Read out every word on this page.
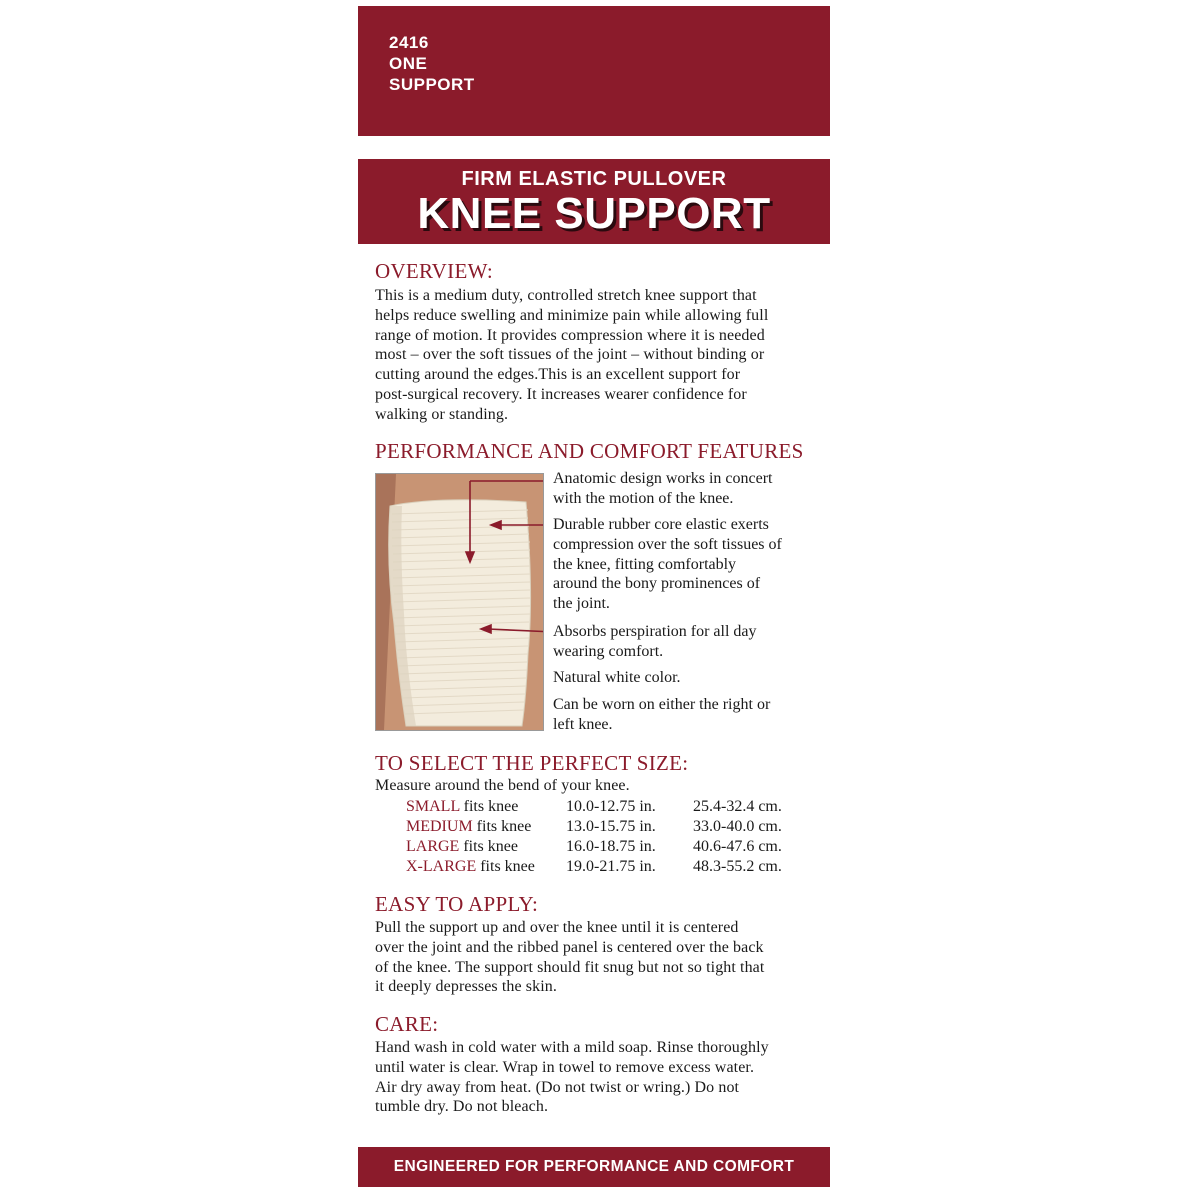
2416
ONE
SUPPORT
FIRM ELASTIC PULLOVER
KNEE SUPPORT
OVERVIEW:
This is a medium duty, controlled stretch knee support that
helps reduce swelling and minimize pain while allowing full
range of motion. It provides compression where it is needed
most – over the soft tissues of the joint – without binding or
cutting around the edges.This is an excellent support for
post-surgical recovery. It increases wearer confidence for
walking or standing.
PERFORMANCE AND COMFORT FEATURES
Anatomic design works in concert
with the motion of the knee.
Durable rubber core elastic exerts
compression over the soft tissues of
the knee, fitting comfortably
around the bony prominences of
the joint.
Absorbs perspiration for all day
wearing comfort.
Natural white color.
Can be worn on either the right or
left knee.
TO SELECT THE PERFECT SIZE:
Measure around the bend of your knee.
SMALL fits knee	10.0-12.75 in. 25.4-32.4 cm.
MEDIUM fits knee 13.0-15.75 in. 33.0-40.0 cm.
LARGE fits knee	16.0-18.75 in. 40.6-47.6 cm.
X-LARGE fits knee 19.0-21.75 in. 48.3-55.2 cm.
EASY TO APPLY:
Pull the support up and over the knee until it is centered
over the joint and the ribbed panel is centered over the back
of the knee. The support should fit snug but not so tight that
it deeply depresses the skin.
CARE:
Hand wash in cold water with a mild soap. Rinse thoroughly
until water is clear. Wrap in towel to remove excess water.
Air dry away from heat. (Do not twist or wring.) Do not
tumble dry. Do not bleach.
ENGINEERED FOR PERFORMANCE AND COMFORT
